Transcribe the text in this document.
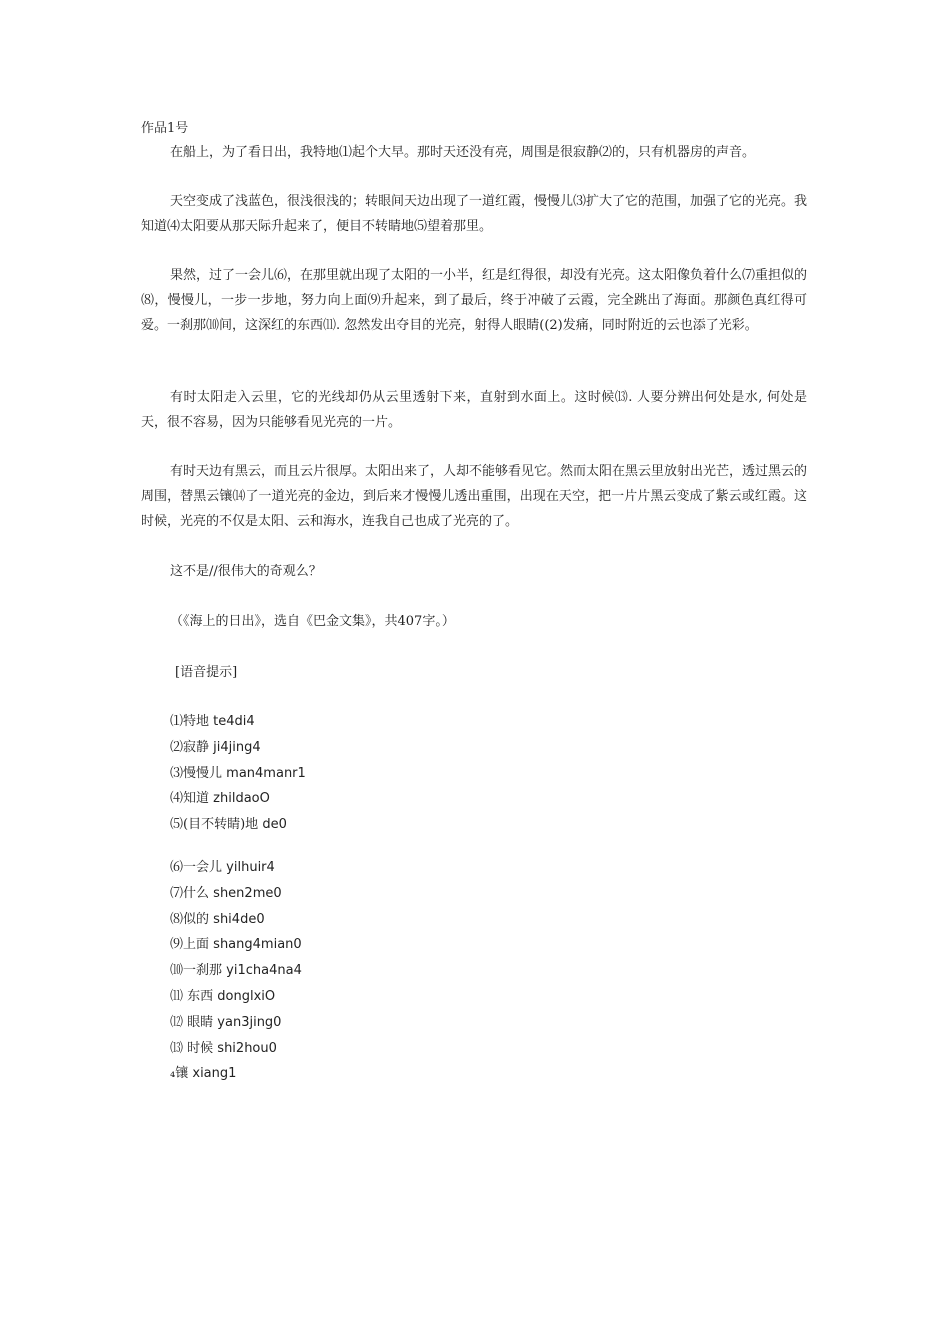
作品1号
在船上，为了看日出，我特地⑴起个大早。那时天还没有亮，周围是很寂静⑵的，只有机器房的声音。
天空变成了浅蓝色，很浅很浅的；转眼间天边出现了一道红霞，慢慢儿⑶扩大了它的范围，加强了它的光亮。我知道⑷太阳要从那天际升起来了，便目不转睛地⑸望着那里。
果然，过了一会儿⑹，在那里就出现了太阳的一小半，红是红得很，却没有光亮。这太阳像负着什么⑺重担似的⑻，慢慢儿，一步一步地，努力向上面⑼升起来，到了最后，终于冲破了云霞，完全跳出了海面。那颜色真红得可爱。一刹那⑽间，这深红的东西⑾. 忽然发出夺目的光亮，射得人眼睛((2)发痛，同时附近的云也添了光彩。
有时太阳走入云里，它的光线却仍从云里透射下来，直射到水面上。这时候⒀. 人要分辨出何处是水, 何处是天，很不容易，因为只能够看见光亮的一片。
有时天边有黑云，而且云片很厚。太阳出来了，人却不能够看见它。然而太阳在黑云里放射出光芒，透过黑云的周围，替黑云镶⒁了一道光亮的金边，到后来才慢慢儿透出重围，出现在天空，把一片片黑云变成了紫云或红霞。这时候，光亮的不仅是太阳、云和海水，连我自己也成了光亮的了。
这不是//很伟大的奇观么？
（《海上的日出》，选自《巴金文集》，共407字。）
[语音提示]
⑴特地 te4di4
⑵寂静 ji4jing4
⑶慢慢儿 man4manr1
⑷知道 zhildaoO
⑸(目不转睛)地 de0
⑹一会儿 yilhuir4
⑺什么 shen2me0
⑻似的 shi4de0
⑼上面 shang4mian0
⑽一刹那 yi1cha4na4
⑾ 东西 donglxiO
⑿ 眼睛 yan3jing0
⒀ 时候 shi2hou0
₄镶 xiang1
